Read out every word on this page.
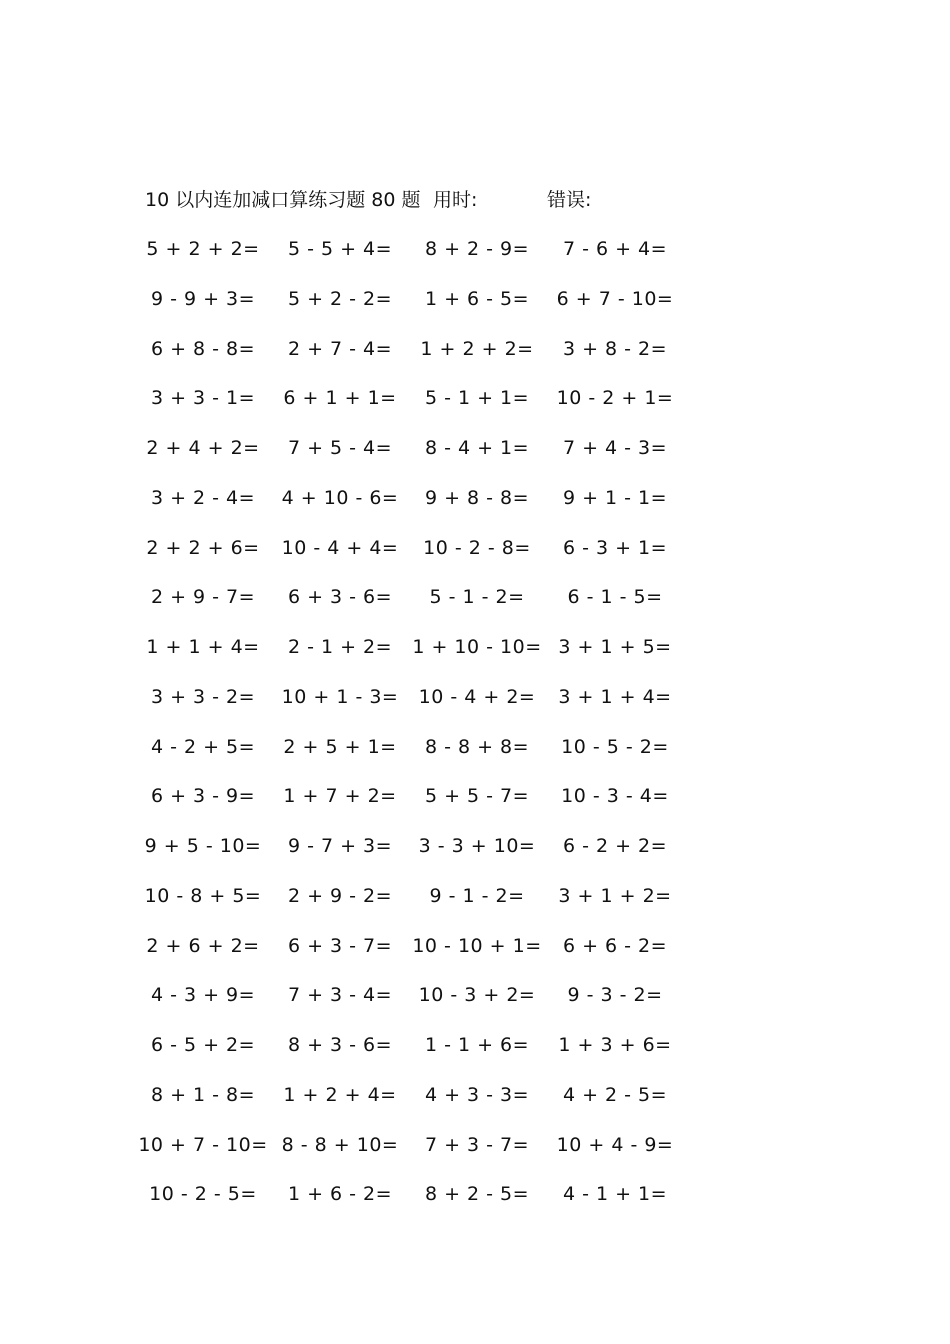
10 以内连加减口算练习题 80 题 用时:	错误:
5 + 2 + 2=	5 - 5 + 4=	8 + 2 - 9=	7 - 6 + 4=
9 - 9 + 3=	5 + 2 - 2=	1 + 6 - 5=	6 + 7 - 10=
6 + 8 - 8=	2 + 7 - 4=	1 + 2 + 2=	3 + 8 - 2=
3 + 3 - 1=	6 + 1 + 1=	5 - 1 + 1=	10 - 2 + 1=
2 + 4 + 2=	7 + 5 - 4=	8 - 4 + 1=	7 + 4 - 3=
3 + 2 - 4=	4 + 10 - 6=	9 + 8 - 8=	9 + 1 - 1=
2 + 2 + 6=	10 - 4 + 4=	10 - 2 - 8=	6 - 3 + 1=
2 + 9 - 7=	6 + 3 - 6=	5 - 1 - 2=	6 - 1 - 5=
1 + 1 + 4=	2 - 1 + 2=	1 + 10 - 10= 3 + 1 + 5=
3 + 3 - 2=	10 + 1 - 3=	10 - 4 + 2=	3 + 1 + 4=
4 - 2 + 5=	2 + 5 + 1=	8 - 8 + 8=	10 - 5 - 2=
6 + 3 - 9=	1 + 7 + 2=	5 + 5 - 7=	10 - 3 - 4=
9 + 5 - 10=	9 - 7 + 3=	3 - 3 + 10=	6 - 2 + 2=
10 - 8 + 5=	2 + 9 - 2=	9 - 1 - 2=	3 + 1 + 2=
2 + 6 + 2=	6 + 3 - 7=	10 - 10 + 1=	6 + 6 - 2=
4 - 3 + 9=	7 + 3 - 4=	10 - 3 + 2=	9 - 3 - 2=
6 - 5 + 2=	8 + 3 - 6=	1 - 1 + 6=	1 + 3 + 6=
8 + 1 - 8=	1 + 2 + 4=	4 + 3 - 3=	4 + 2 - 5=
10 + 7 - 10= 8 - 8 + 10=	7 + 3 - 7=	10 + 4 - 9=
10 - 2 - 5=	1 + 6 - 2=	8 + 2 - 5=	4 - 1 + 1=
